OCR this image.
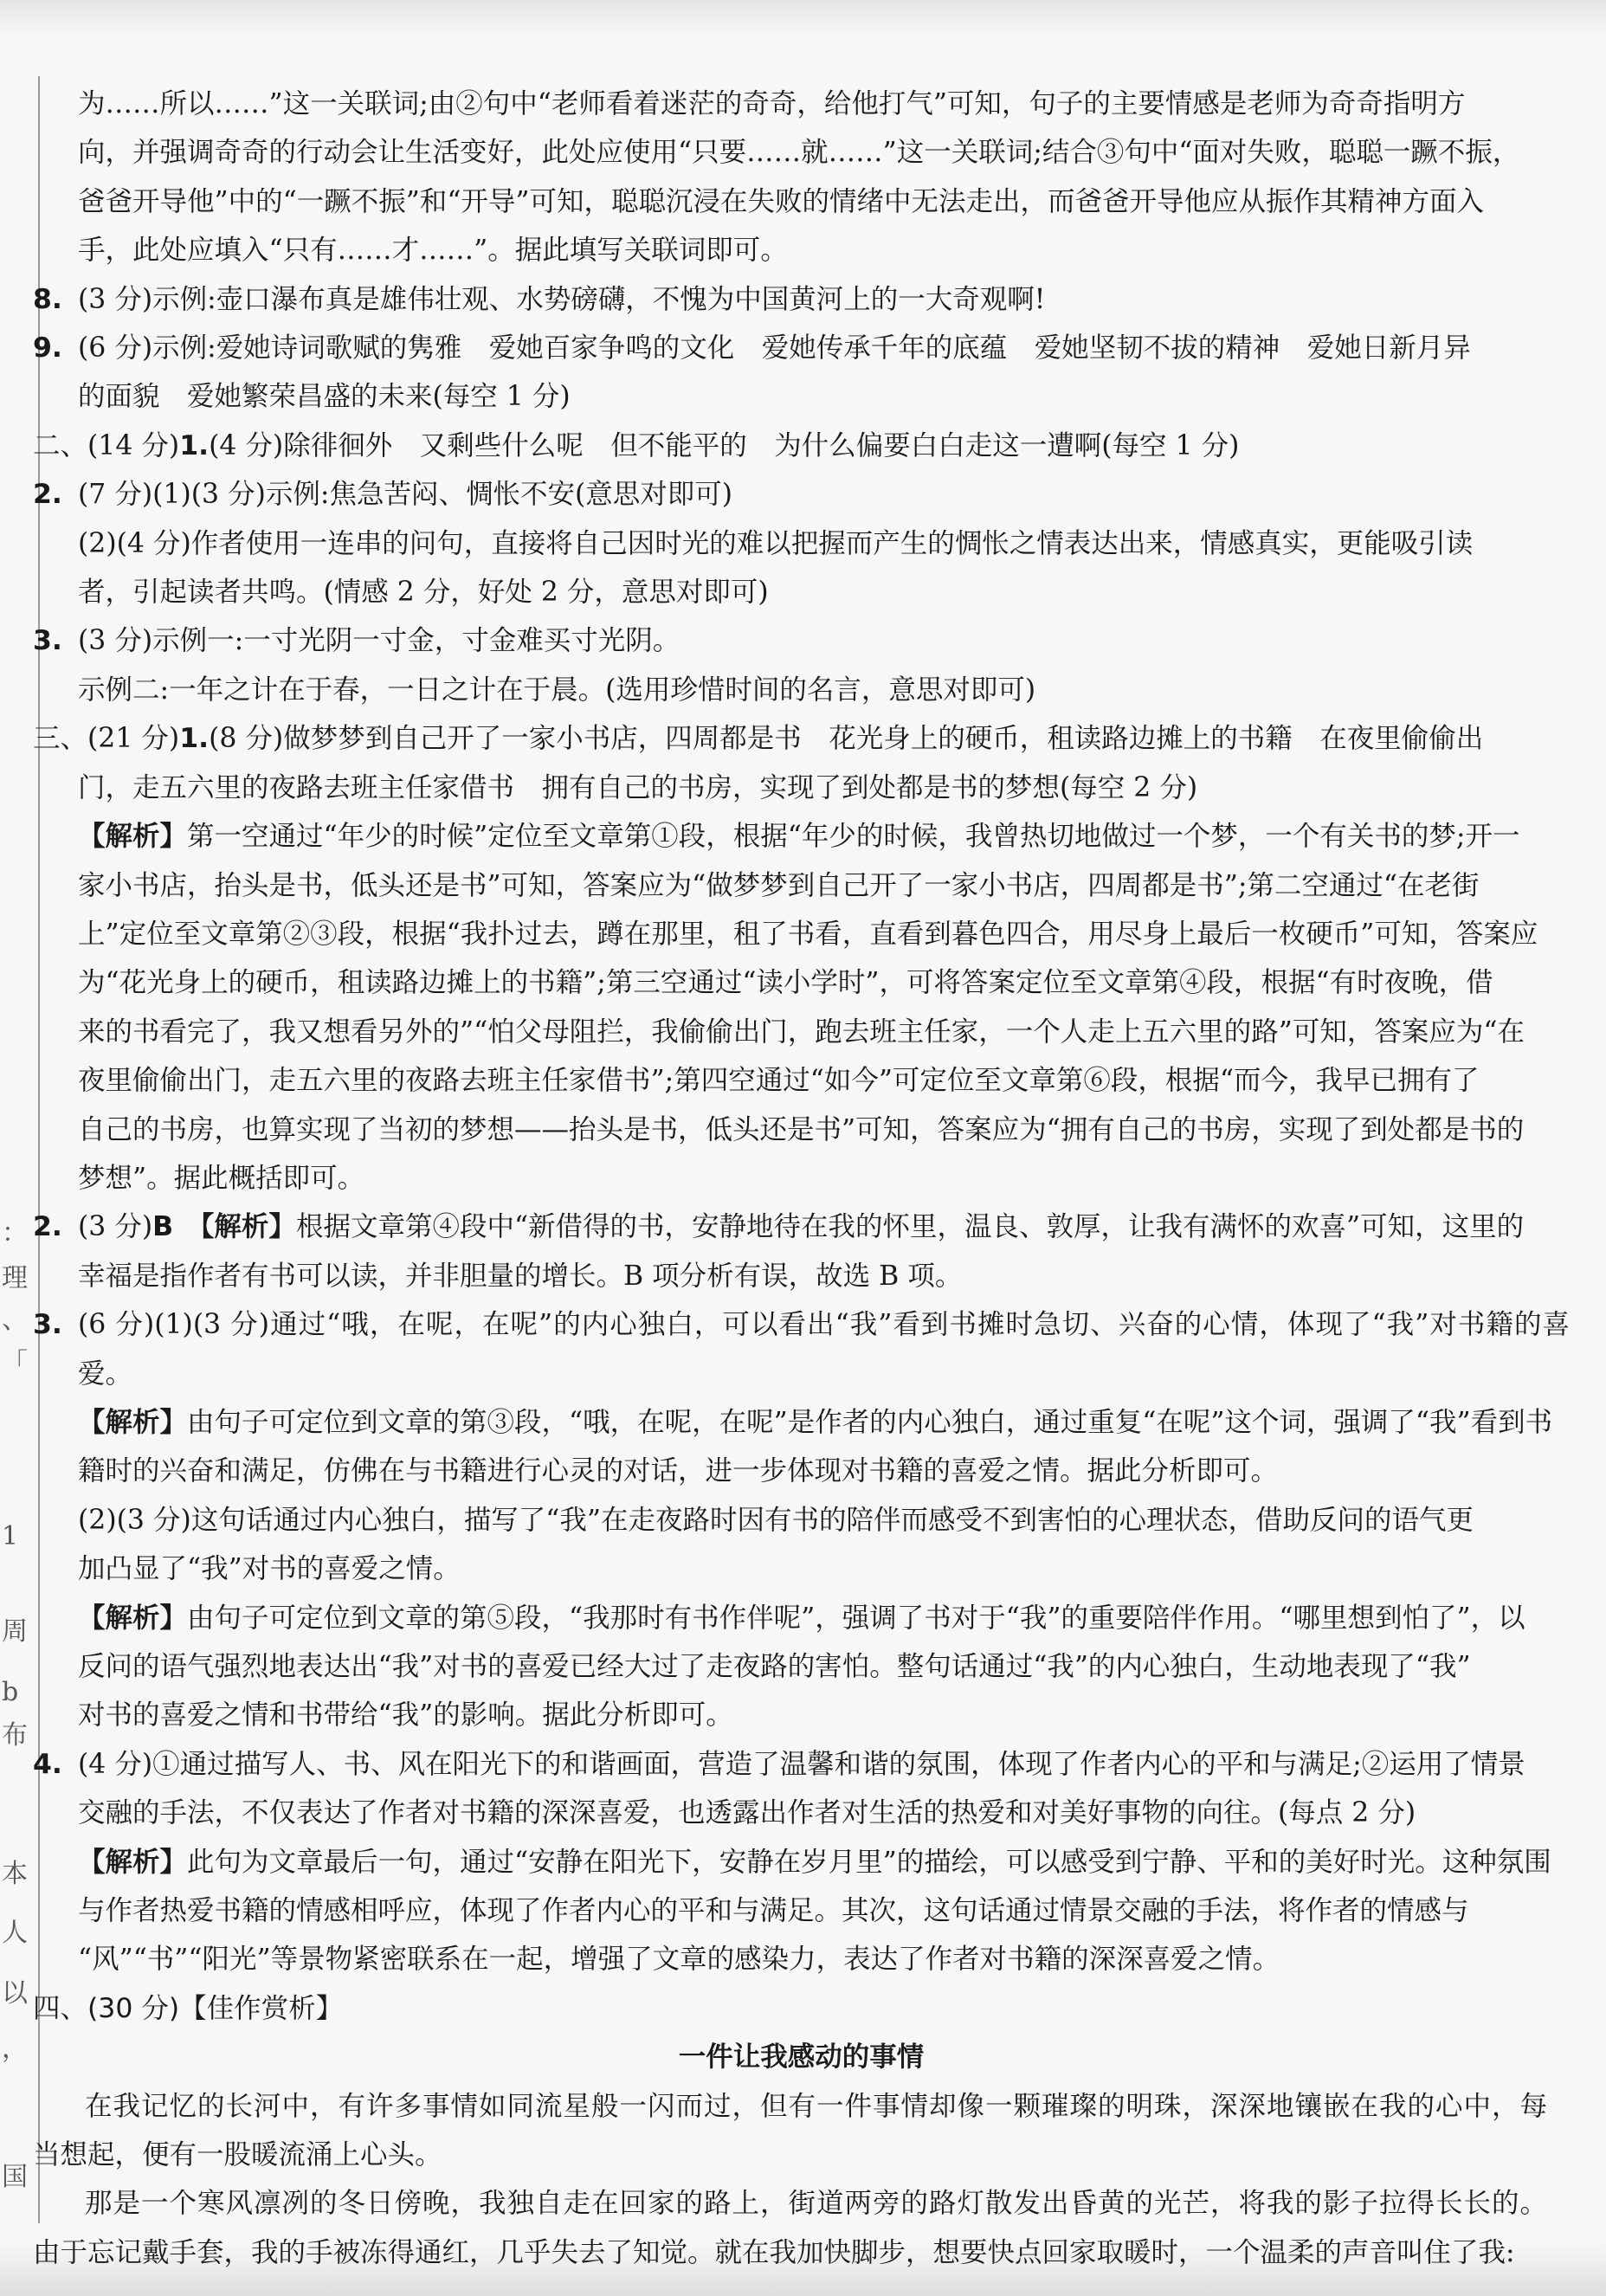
：
理
、
「
1
周
b
布
本
人
以
，
国

为……所以……”这一关联词;由②句中“老师看着迷茫的奇奇，给他打气”可知，句子的主要情感是老师为奇奇指明方

向，并强调奇奇的行动会让生活变好，此处应使用“只要……就……”这一关联词;结合③句中“面对失败，聪聪一蹶不振，

爸爸开导他”中的“一蹶不振”和“开导”可知，聪聪沉浸在失败的情绪中无法走出，而爸爸开导他应从振作其精神方面入

手，此处应填入“只有……才……”。据此填写关联词即可。

8. (3 分)示例:壶口瀑布真是雄伟壮观、水势磅礴，不愧为中国黄河上的一大奇观啊!

9. (6 分)示例:爱她诗词歌赋的隽雅　爱她百家争鸣的文化　爱她传承千年的底蕴　爱她坚韧不拔的精神　爱她日新月异

的面貌　爱她繁荣昌盛的未来(每空 1 分)

二、(14 分)1.(4 分)除徘徊外　又剩些什么呢　但不能平的　为什么偏要白白走这一遭啊(每空 1 分)

2. (7 分)(1)(3 分)示例:焦急苦闷、惆怅不安(意思对即可)

(2)(4 分)作者使用一连串的问句，直接将自己因时光的难以把握而产生的惆怅之情表达出来，情感真实，更能吸引读

者，引起读者共鸣。(情感 2 分，好处 2 分，意思对即可)

3. (3 分)示例一:一寸光阴一寸金，寸金难买寸光阴。

示例二:一年之计在于春，一日之计在于晨。(选用珍惜时间的名言，意思对即可)

三、(21 分)1.(8 分)做梦梦到自己开了一家小书店，四周都是书　花光身上的硬币，租读路边摊上的书籍　在夜里偷偷出

门，走五六里的夜路去班主任家借书　拥有自己的书房，实现了到处都是书的梦想(每空 2 分)

【解析】第一空通过“年少的时候”定位至文章第①段，根据“年少的时候，我曾热切地做过一个梦，一个有关书的梦;开一

家小书店，抬头是书，低头还是书”可知，答案应为“做梦梦到自己开了一家小书店，四周都是书”;第二空通过“在老街

上”定位至文章第②③段，根据“我扑过去，蹲在那里，租了书看，直看到暮色四合，用尽身上最后一枚硬币”可知，答案应

为“花光身上的硬币，租读路边摊上的书籍”;第三空通过“读小学时”，可将答案定位至文章第④段，根据“有时夜晚，借

来的书看完了，我又想看另外的”“怕父母阻拦，我偷偷出门，跑去班主任家，一个人走上五六里的路”可知，答案应为“在

夜里偷偷出门，走五六里的夜路去班主任家借书”;第四空通过“如今”可定位至文章第⑥段，根据“而今，我早已拥有了

自己的书房，也算实现了当初的梦想——抬头是书，低头还是书”可知，答案应为“拥有自己的书房，实现了到处都是书的

梦想”。据此概括即可。

2. (3 分)B　 【解析】根据文章第④段中“新借得的书，安静地待在我的怀里，温良、敦厚，让我有满怀的欢喜”可知，这里的

幸福是指作者有书可以读，并非胆量的增长。B 项分析有误，故选 B 项。

3. (6 分)(1)(3 分)通过“哦，在呢，在呢”的内心独白，可以看出“我”看到书摊时急切、兴奋的心情，体现了“我”对书籍的喜爱。

【解析】由句子可定位到文章的第③段，“哦，在呢，在呢”是作者的内心独白，通过重复“在呢”这个词，强调了“我”看到书

籍时的兴奋和满足，仿佛在与书籍进行心灵的对话，进一步体现对书籍的喜爱之情。据此分析即可。

(2)(3 分)这句话通过内心独白，描写了“我”在走夜路时因有书的陪伴而感受不到害怕的心理状态，借助反问的语气更

加凸显了“我”对书的喜爱之情。

【解析】由句子可定位到文章的第⑤段，“我那时有书作伴呢”，强调了书对于“我”的重要陪伴作用。“哪里想到怕了”，以

反问的语气强烈地表达出“我”对书的喜爱已经大过了走夜路的害怕。整句话通过“我”的内心独白，生动地表现了“我”

对书的喜爱之情和书带给“我”的影响。据此分析即可。

4. (4 分)①通过描写人、书、风在阳光下的和谐画面，营造了温馨和谐的氛围，体现了作者内心的平和与满足;②运用了情景

交融的手法，不仅表达了作者对书籍的深深喜爱，也透露出作者对生活的热爱和对美好事物的向往。(每点 2 分)

【解析】此句为文章最后一句，通过“安静在阳光下，安静在岁月里”的描绘，可以感受到宁静、平和的美好时光。这种氛围

与作者热爱书籍的情感相呼应，体现了作者内心的平和与满足。其次，这句话通过情景交融的手法，将作者的情感与

“风”“书”“阳光”等景物紧密联系在一起，增强了文章的感染力，表达了作者对书籍的深深喜爱之情。

四、(30 分)【佳作赏析】

一件让我感动的事情

在我记忆的长河中，有许多事情如同流星般一闪而过，但有一件事情却像一颗璀璨的明珠，深深地镶嵌在我的心中，每

当想起，便有一股暖流涌上心头。

那是一个寒风凛冽的冬日傍晚，我独自走在回家的路上，街道两旁的路灯散发出昏黄的光芒，将我的影子拉得长长的。

由于忘记戴手套，我的手被冻得通红，几乎失去了知觉。就在我加快脚步，想要快点回家取暖时，一个温柔的声音叫住了我:
